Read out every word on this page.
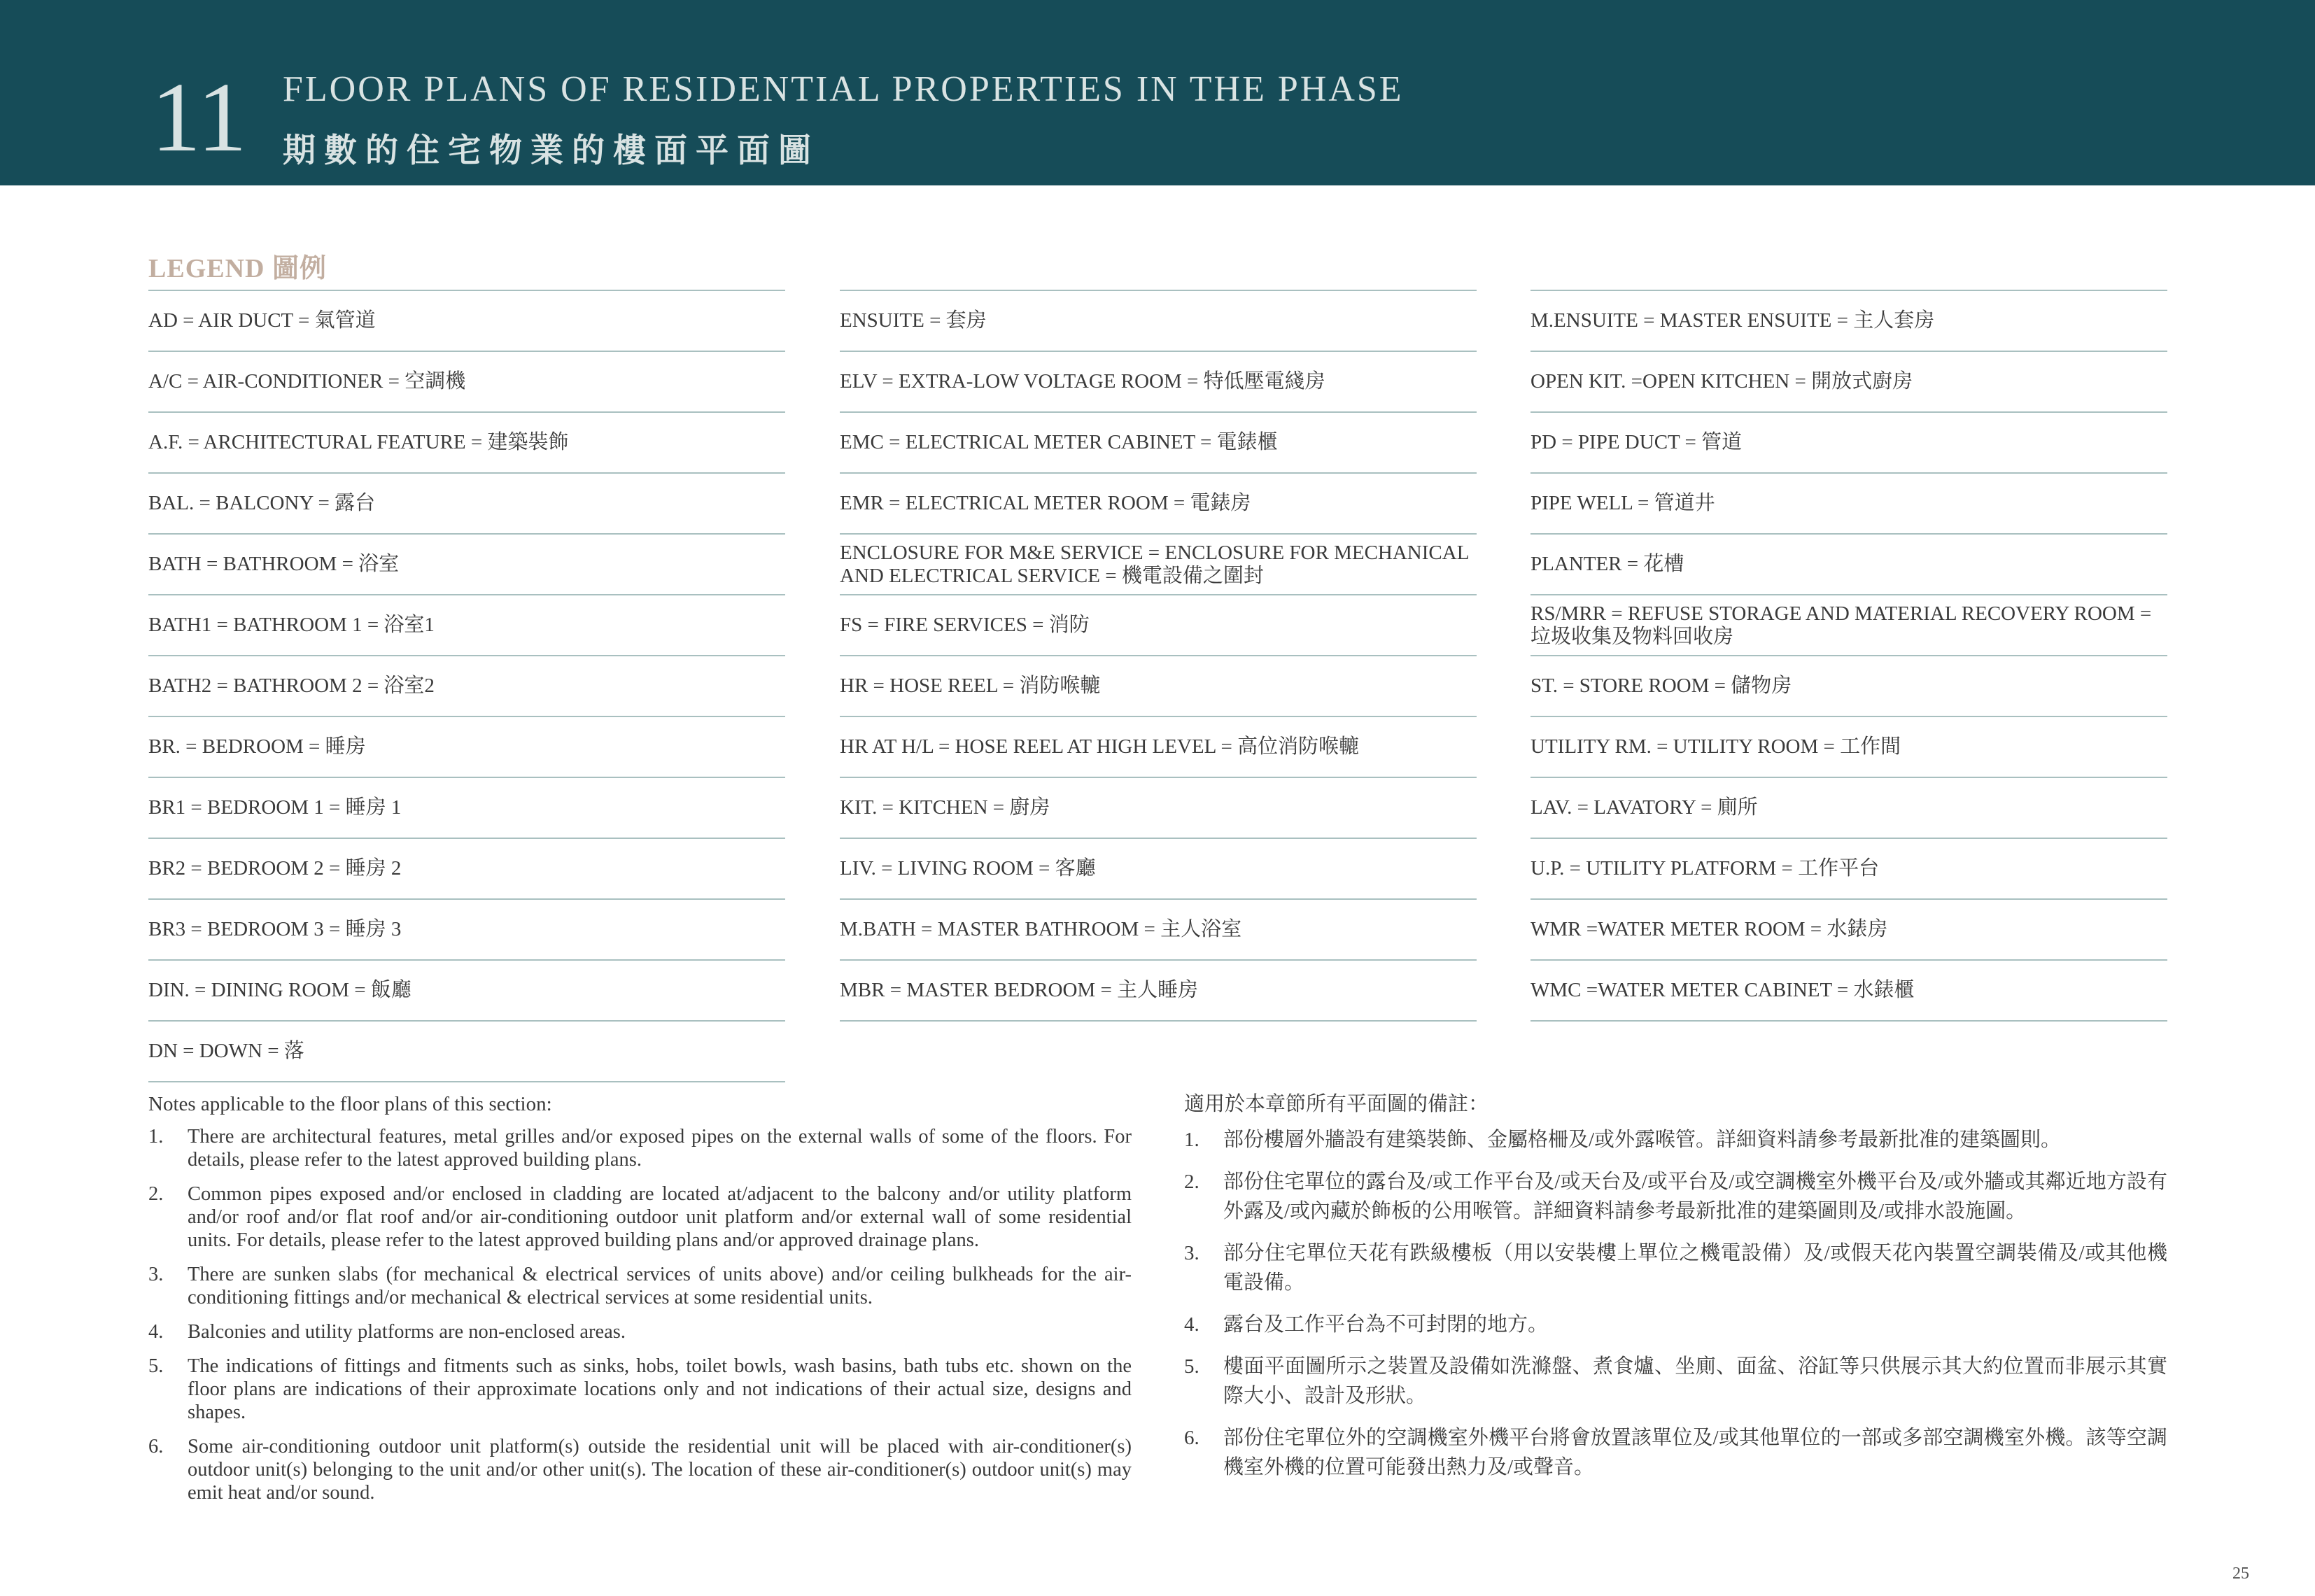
11 FLOOR PLANS OF RESIDENTIAL PROPERTIES IN THE PHASE
期數的住宅物業的樓面平面圖
LEGEND 圖例
AD = AIR DUCT = 氣管道
A/C = AIR-CONDITIONER = 空調機
A.F. = ARCHITECTURAL FEATURE = 建築裝飾
BAL. = BALCONY = 露台
BATH = BATHROOM = 浴室
BATH1 = BATHROOM 1 = 浴室1
BATH2 = BATHROOM 2 = 浴室2
BR. = BEDROOM = 睡房
BR1 = BEDROOM 1 = 睡房 1
BR2 = BEDROOM 2 = 睡房 2
BR3 = BEDROOM 3 = 睡房 3
DIN. = DINING ROOM = 飯廳
DN = DOWN = 落
ENSUITE = 套房
ELV = EXTRA-LOW VOLTAGE ROOM = 特低壓電綫房
EMC = ELECTRICAL METER CABINET = 電錶櫃
EMR = ELECTRICAL METER ROOM = 電錶房
ENCLOSURE FOR M&E SERVICE = ENCLOSURE FOR MECHANICAL AND ELECTRICAL SERVICE = 機電設備之圍封
FS = FIRE SERVICES = 消防
HR = HOSE REEL = 消防喉轆
HR AT H/L = HOSE REEL AT HIGH LEVEL = 高位消防喉轆
KIT. = KITCHEN = 廚房
LIV. = LIVING ROOM = 客廳
M.BATH = MASTER BATHROOM = 主人浴室
MBR = MASTER BEDROOM = 主人睡房
M.ENSUITE = MASTER ENSUITE = 主人套房
OPEN KIT. =OPEN KITCHEN = 開放式廚房
PD = PIPE DUCT = 管道
PIPE WELL = 管道井
PLANTER = 花槽
RS/MRR = REFUSE STORAGE AND MATERIAL RECOVERY ROOM = 垃圾收集及物料回收房
ST. = STORE ROOM = 儲物房
UTILITY RM. = UTILITY ROOM = 工作間
LAV. = LAVATORY = 廁所
U.P. = UTILITY PLATFORM = 工作平台
WMR =WATER METER ROOM = 水錶房
WMC =WATER METER CABINET = 水錶櫃
Notes applicable to the floor plans of this section:
1.	There are architectural features, metal grilles and/or exposed pipes on the external walls of some of the floors. For details, please refer to the latest approved building plans.
2.	Common pipes exposed and/or enclosed in cladding are located at/adjacent to the balcony and/or utility platform and/or roof and/or flat roof and/or air-conditioning outdoor unit platform and/or external wall of some residential units. For details, please refer to the latest approved building plans and/or approved drainage plans.
3.	There are sunken slabs (for mechanical & electrical services of units above) and/or ceiling bulkheads for the air-conditioning fittings and/or mechanical & electrical services at some residential units.
4.	Balconies and utility platforms are non-enclosed areas.
5.	The indications of fittings and fitments such as sinks, hobs, toilet bowls, wash basins, bath tubs etc. shown on the floor plans are indications of their approximate locations only and not indications of their actual size, designs and shapes.
6.	Some air-conditioning outdoor unit platform(s) outside the residential unit will be placed with air-conditioner(s) outdoor unit(s) belonging to the unit and/or other unit(s). The location of these air-conditioner(s) outdoor unit(s) may emit heat and/or sound.
適用於本章節所有平面圖的備註：
1.	部份樓層外牆設有建築裝飾、金屬格柵及/或外露喉管。詳細資料請參考最新批准的建築圖則。
2.	部份住宅單位的露台及/或工作平台及/或天台及/或平台及/或空調機室外機平台及/或外牆或其鄰近地方設有外露及/或內藏於飾板的公用喉管。詳細資料請參考最新批准的建築圖則及/或排水設施圖。
3.	部分住宅單位天花有跌級樓板（用以安裝樓上單位之機電設備）及/或假天花內裝置空調裝備及/或其他機電設備。
4.	露台及工作平台為不可封閉的地方。
5.	樓面平面圖所示之裝置及設備如洗滌盤、煮食爐、坐廁、面盆、浴缸等只供展示其大約位置而非展示其實際大小、設計及形狀。
6.	部份住宅單位外的空調機室外機平台將會放置該單位及/或其他單位的一部或多部空調機室外機。該等空調機室外機的位置可能發出熱力及/或聲音。
25
